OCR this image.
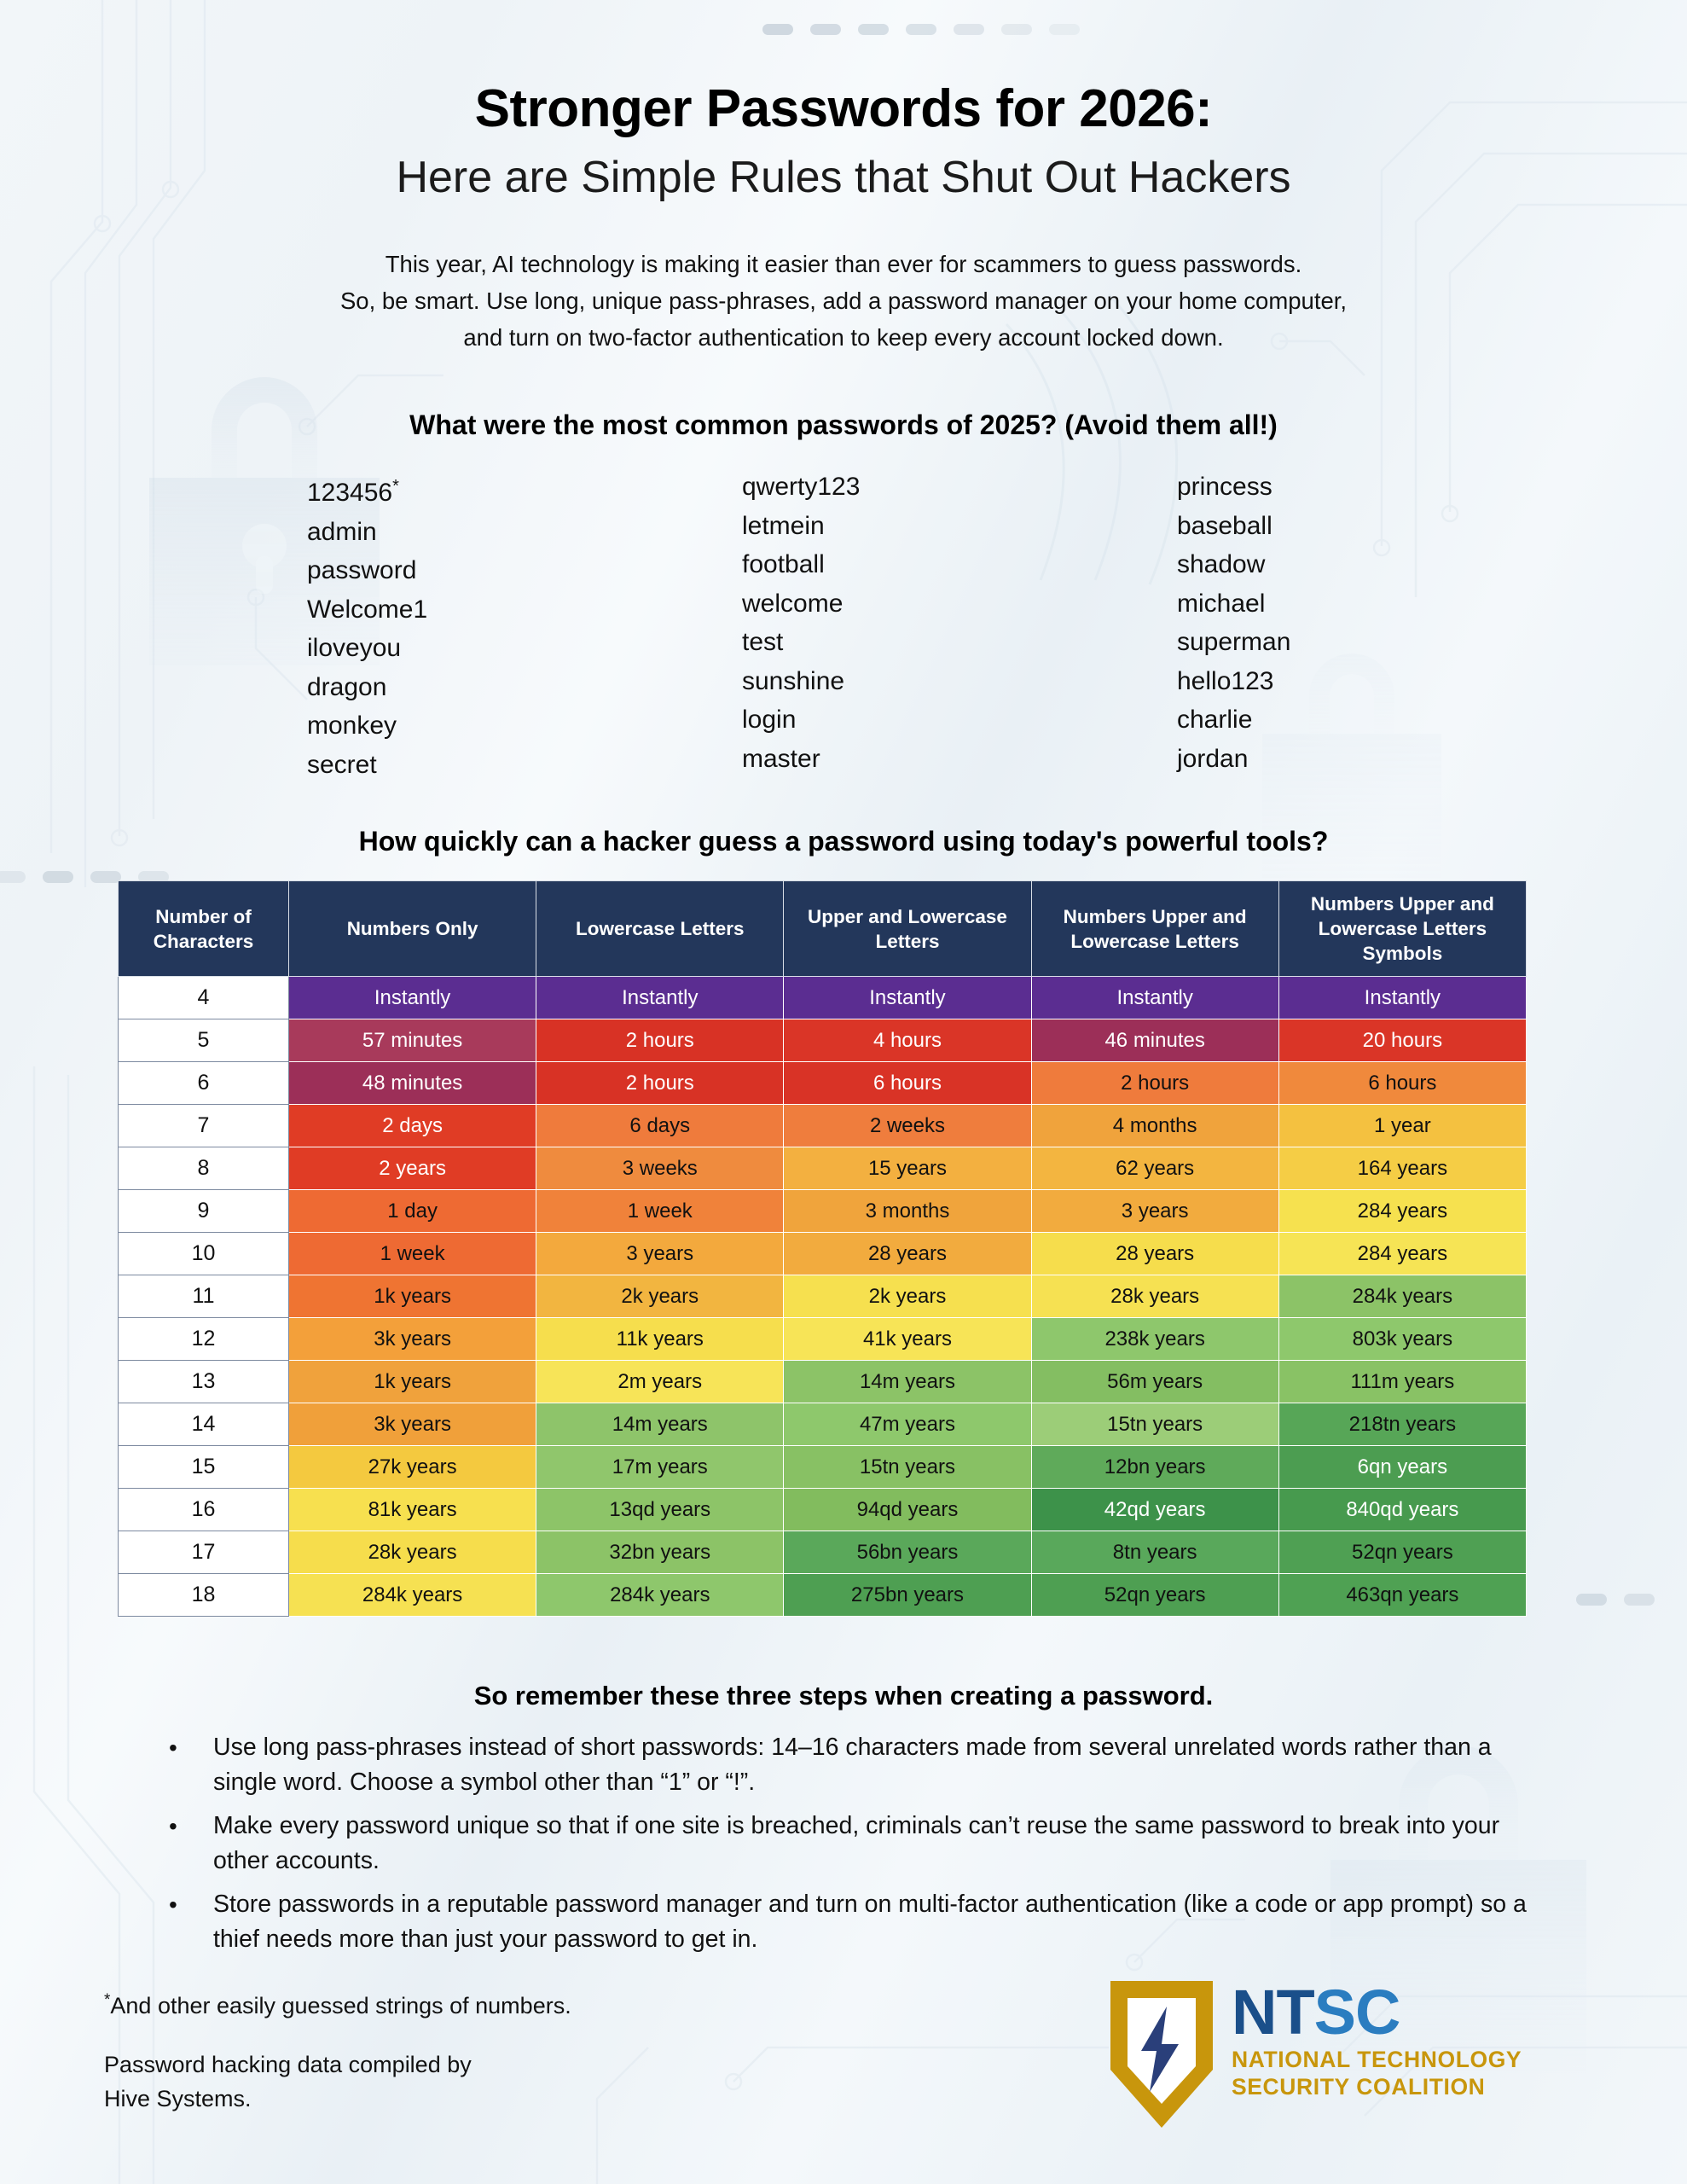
Stronger Passwords for 2026:
Here are Simple Rules that Shut Out Hackers
This year, AI technology is making it easier than ever for scammers to guess passwords.
So, be smart. Use long, unique pass-phrases, add a password manager on your home computer,
and turn on two-factor authentication to keep every account locked down.
What were the most common passwords of 2025? (Avoid them all!)
123456*
admin
password
Welcome1
iloveyou
dragon
monkey
secret
qwerty123
letmein
football
welcome
test
sunshine
login
master
princess
baseball
shadow
michael
superman
hello123
charlie
jordan
How quickly can a hacker guess a password using today's powerful tools?
Number of Characters	Numbers Only	Lowercase Letters	Upper and Lowercase Letters	Numbers Upper and Lowercase Letters	Numbers Upper and Lowercase Letters Symbols
4	Instantly	Instantly	Instantly	Instantly	Instantly
5	57 minutes	2 hours	4 hours	46 minutes	20 hours
6	48 minutes	2 hours	6 hours	2 hours	6 hours
7	2 days	6 days	2 weeks	4 months	1 year
8	2 years	3 weeks	15 years	62 years	164 years
9	1 day	1 week	3 months	3 years	284 years
10	1 week	3 years	28 years	28 years	284 years
11	1k years	2k years	2k years	28k years	284k years
12	3k years	11k years	41k years	238k years	803k years
13	1k years	2m years	14m years	56m years	111m years
14	3k years	14m years	47m years	15tn years	218tn years
15	27k years	17m years	15tn years	12bn years	6qn years
16	81k years	13qd years	94qd years	42qd years	840qd years
17	28k years	32bn years	56bn years	8tn years	52qn years
18	284k years	284k years	275bn years	52qn years	463qn years
So remember these three steps when creating a password.
•	Use long pass-phrases instead of short passwords: 14–16 characters made from several unrelated words rather than a single word. Choose a symbol other than “1” or “!”.
•	Make every password unique so that if one site is breached, criminals can’t reuse the same password to break into your other accounts.
•	Store passwords in a reputable password manager and turn on multi-factor authentication (like a code or app prompt) so a thief needs more than just your password to get in.
*And other easily guessed strings of numbers.
Password hacking data compiled by
Hive Systems.
NTSC
NATIONAL TECHNOLOGY
SECURITY COALITION
